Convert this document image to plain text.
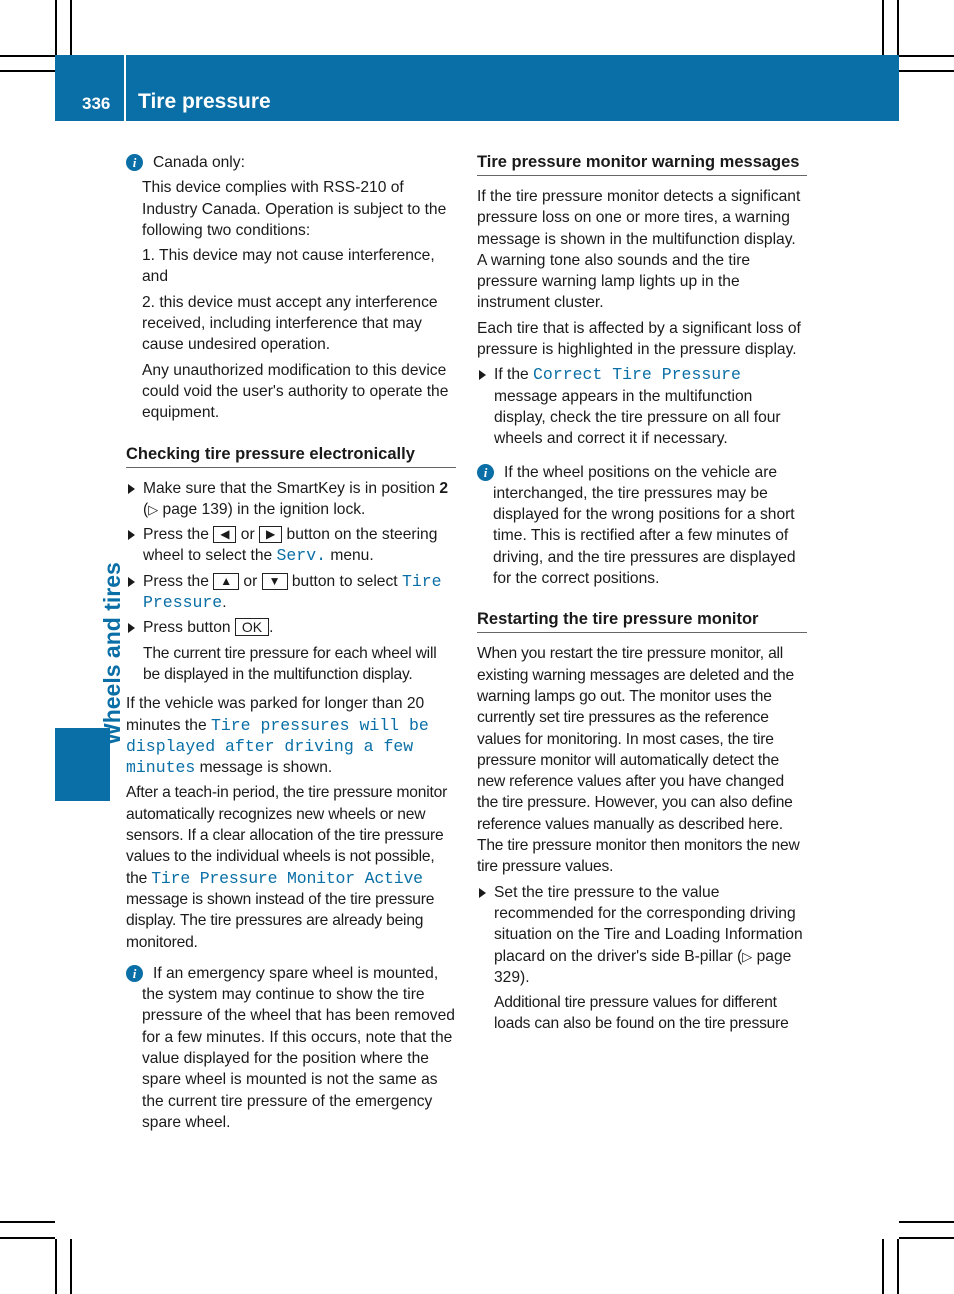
336 Tire pressure
Wheels and tires
i	Canada only:

This device complies with RSS-210 of Industry Canada. Operation is subject to the following two conditions:

1. This device may not cause interference, and

2. this device must accept any interference received, including interference that may cause undesired operation.

Any unauthorized modification to this device could void the user's authority to operate the equipment.

Checking tire pressure electronically
Make sure that the SmartKey is in position 2 (▷ page 139) in the ignition lock.
Press the ◀ or ▶ button on the steering wheel to select the Serv. menu.
Press the ▲ or ▼ button to select Tire Pressure.
Press button OK .

The current tire pressure for each wheel will be displayed in the multifunction display.

If the vehicle was parked for longer than 20 minutes the Tire pressures will be displayed after driving a few minutes message is shown.

After a teach-in period, the tire pressure monitor automatically recognizes new wheels or new sensors. If a clear allocation of the tire pressure values to the individual wheels is not possible, the Tire Pressure Monitor Active message is shown instead of the tire pressure display. The tire pressures are already being monitored.

i	If an emergency spare wheel is mounted, the system may continue to show the tire pressure of the wheel that has been removed for a few minutes. If this occurs, note that the value displayed for the position where the spare wheel is mounted is not the same as the current tire pressure of the emergency spare wheel.

Tire pressure monitor warning messages

If the tire pressure monitor detects a significant pressure loss on one or more tires, a warning message is shown in the multifunction display. A warning tone also sounds and the tire pressure warning lamp lights up in the instrument cluster.

Each tire that is affected by a significant loss of pressure is highlighted in the pressure display.

If the Correct Tire Pressure message appears in the multifunction display, check the tire pressure on all four wheels and correct it if necessary.
i	If the wheel positions on the vehicle are interchanged, the tire pressures may be displayed for the wrong positions for a short time. This is rectified after a few minutes of driving, and the tire pressures are displayed for the correct positions.

Restarting the tire pressure monitor

When you restart the tire pressure monitor, all existing warning messages are deleted and the warning lamps go out. The monitor uses the currently set tire pressures as the reference values for monitoring. In most cases, the tire pressure monitor will automatically detect the new reference values after you have changed the tire pressure. However, you can also define reference values manually as described here. The tire pressure monitor then monitors the new tire pressure values.

Set the tire pressure to the value recommended for the corresponding driving situation on the Tire and Loading Information placard on the driver's side B-pillar (▷ page 329).

Additional tire pressure values for different loads can also be found on the tire pressure
